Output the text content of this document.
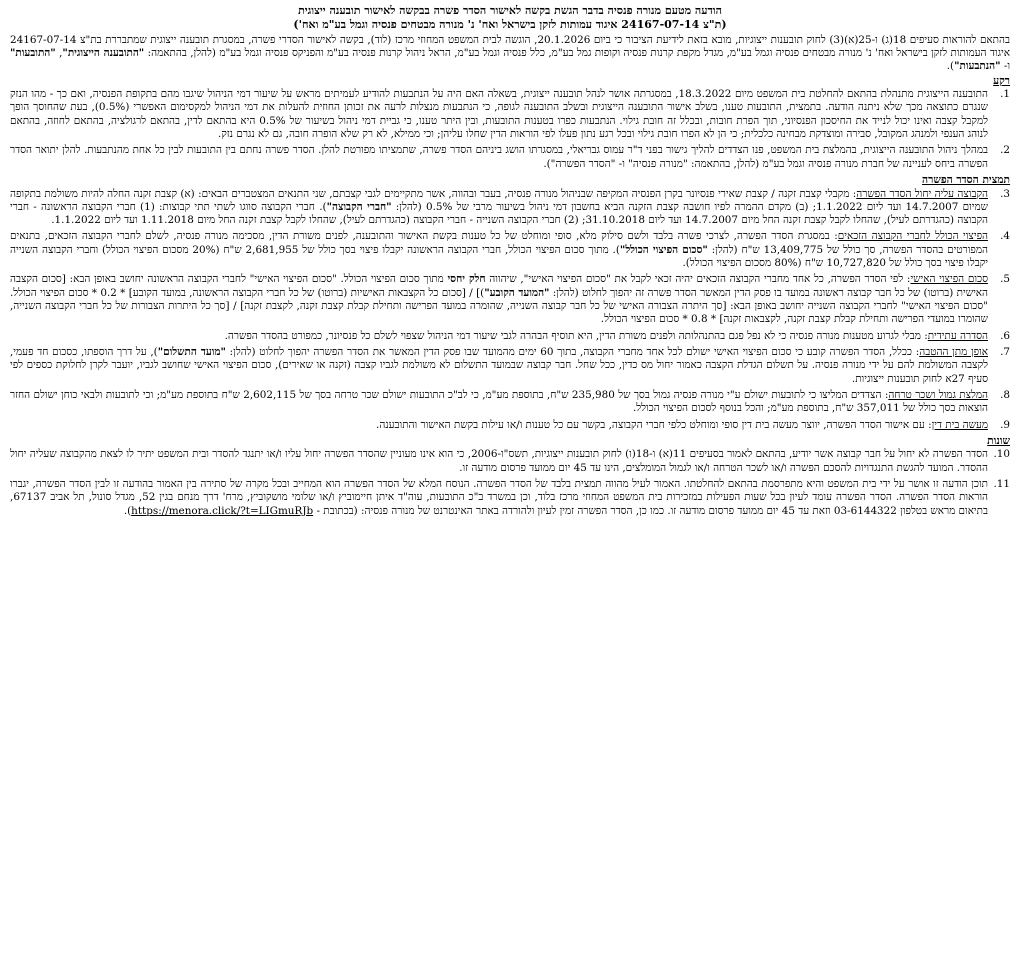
הודעה מטעם מנורה פנסיה בדבר הגשת בקשה לאישור הסדר פשרה בבקשה לאישור תובענה ייצוגית
(ת"צ 24167-07-14 איגוד עמותות לזקן בישראל ואח' נ' מנורה מבטחים פנסיה וגמל בע"מ ואח')

בהתאם להוראות סעיפים 18(ג) ו-25(א)(3) לחוק תובענות ייצוגיות, מובא בזאת לידיעת הציבור כי ביום 20.1.2026, הוגשה לבית המשפט המחוזי מרכז (לוד), בקשה לאישור הסדרי פשרה, במסגרת תובענה ייצוגית שמתבררת בת"צ 24167-07-14 איגוד העמותות לזקן בישראל ואח' נ' מנורה מבטחים פנסיה וגמל בע"מ, מגדל מקפת קרנות פנסיה וקופות גמל בע"מ, כלל פנסיה וגמל בע"מ, הראל ניהול קרנות פנסיה בע"מ והפניקס פנסיה וגמל בע"מ (להלן, בהתאמה: "התובענה הייצוגית", "התובעות" ו- "הנתבעות").

רקע
1.
התובענה הייצוגית מתנהלת בהתאם להחלטת בית המשפט מיום 18.3.2022, במסגרתה אושר לנהל תובענה ייצוגית, בשאלה האם היה על הנתבעות להודיע לעמיתים מראש על שיעור דמי הניהול שיגבו מהם בתקופת הפנסיה, ואם כך - מהו הנזק שנגרם כתוצאה מכך שלא ניתנה הודעה. בתמצית, התובעות טענו, בשלב אישור התובענה הייצוגית ובשלב התובענה לגופה, כי הנתבעות מנצלות לרעה את זכותן החוזית להעלות את דמי הניהול למקסימום האפשרי (0.5%), בעת שהחוסך הופך למקבל קצבה ואינו יכול לנייד את החיסכון הפנסיוני, תוך הפרת חובות, ובכלל זה חובת גילוי. הנתבעות כפרו בטענות התובעות, ובין היתר טענו, כי גביית דמי ניהול בשיעור של 0.5% היא בהתאם לדין, בהתאם לרגולציה, בהתאם לחוזה, בהתאם לנוהג הענפי ולמנהג המקובל, סבירה ומוצדקת מבחינה כלכלית; כי הן לא הפרו חובת גילוי ובכל רגע נתון פעלו לפי הוראות הדין שחלו עליהן; וכי ממילא, לא רק שלא הופרה חובה, גם לא נגרם נזק.
2.
במהלך ניהול התובענה הייצוגית, בהמלצת בית המשפט, פנו הצדדים להליך גישור בפני ד"ר עמוס גבריאלי, במסגרתו הושג ביניהם הסדר פשרה, שתמציתו מפורטת להלן. הסדר פשרה נחתם בין התובעות לבין כל אחת מהנתבעות. להלן יתואר הסדר הפשרה ביחס לעניינה של חברת מנורה פנסיה וגמל בע"מ (להלן, בהתאמה: "מנורה פנסיה" ו- "הסדר הפשרה").
תמצית הסדר הפשרה
3.
הקבוצה עליה יחול הסדר הפשרה: מקבלי קצבת זקנה / קצבת שאירי פנסיונר בקרן הפנסיה המקיפה שבניהול מנורה פנסיה, בעבר ובהווה, אשר מתקיימים לגבי קצבתם, שני התנאים המצטברים הבאים: (א) קצבת זקנה החלה להיות משולמת בתקופה שמיום 14.7.2007 ועד ליום 1.1.2022; (ב) מקדם ההמרה לפיו חושבה קצבת הזקנה הביא בחשבון דמי ניהול בשיעור מרבי של 0.5% (להלן: "חברי הקבוצה"). חברי הקבוצה סווגו לשתי תתי קבוצות: (1) חברי הקבוצה הראשונה - חברי הקבוצה (כהגדרתם לעיל), שהחלו לקבל קצבת זקנה החל מיום 14.7.2007 ועד ליום 31.10.2018; (2) חברי הקבוצה השנייה - חברי הקבוצה (כהגדרתם לעיל), שהחלו לקבל קצבת זקנה החל מיום 1.11.2018 ועד ליום 1.1.2022.
4.
הפיצוי הכולל לחברי הקבוצה הזכאים: במסגרת הסדר הפשרה, לצרכי פשרה בלבד ולשם סילוק מלא, סופי ומוחלט של כל טענות בקשת האישור והתובענה, לפנים משורת הדין, מסכימה מנורה פנסיה, לשלם לחברי הקבוצה הזכאים, בתנאים המפורטים בהסדר הפשרה, סך כולל של 13,409,775 ש"ח (להלן: "סכום הפיצוי הכולל"). מתוך סכום הפיצוי הכולל, חברי הקבוצה הראשונה יקבלו פיצוי בסך כולל של 2,681,955 ש"ח (20% מסכום הפיצוי הכולל) וחברי הקבוצה השנייה יקבלו פיצוי בסך כולל של 10,727,820 ש"ח (80% מסכום הפיצוי הכולל).
5.
סכום הפיצוי האישי: לפי הסדר הפשרה, כל אחד מחברי הקבוצה הזכאים יהיה זכאי לקבל את "סכום הפיצוי האישי", שיהווה חלק יחסי מתוך סכום הפיצוי הכולל. "סכום הפיצוי האישי" לחברי הקבוצה הראשונה יחושב באופן הבא: [סכום הקצבה האישית (ברוטו) של כל חבר קבוצה ראשונה במועד בו פסק הדין המאשר הסדר פשרה זה יהפוך לחלוט (להלן: "המועד הקובע")] / [סכום כל הקצבאות האישיות (ברוטו) של כל חברי הקבוצה הראשונה, במועד הקובע] * 0.2 * סכום הפיצוי הכולל. "סכום הפיצוי האישי" לחברי הקבוצה השנייה יחושב באופן הבא: [סך היתרה הצבורה האישי של כל חבר קבוצה השנייה, שהומרה במועד הפרישה ותחילת קבלת קצבת זקנה, לקצבת זקנה] / [סך כל היתרות הצבורות של כל חברי הקבוצה השנייה, שהומרו במועדי הפרישה ותחילת קבלת קצבת זקנה, לקצבאות זקנה] * 0.8 * סכום הפיצוי הכולל.
6.
הסדרה עתידית: מבלי לגרוע מטענות מנורה פנסיה כי לא נפל פגם בהתנהלותה ולפנים משורת הדין, היא תוסיף הבהרה לגבי שיעור דמי הניהול שצפוי לשלם כל פנסיונר, כמפורט בהסדר הפשרה.
7.
אופן מתן ההטבה: ככלל, הסדר הפשרה קובע כי סכום הפיצוי האישי ישולם לכל אחד מחברי הקבוצה, בתוך 60 ימים מהמועד שבו פסק הדין המאשר את הסדר הפשרה יהפוך לחלוט (להלן: "מועד התשלום"), על דרך הוספתו, כסכום חד פעמי, לקצבה המשולמת להם על ידי מנורה פנסיה. על תשלום הגדלת הקצבה כאמור יחול מס כדין, ככל שחל. חבר קבוצה שבמועד התשלום לא משולמת לגביו קצבה (זקנה או שאירים), סכום הפיצוי האישי שחושב לגביו, יועבר לקרן לחלוקת כספים לפי סעיף 27א לחוק תובענות ייצוגיות.
8.
המלצת גמול ושכר טרחה: הצדדים המליצו כי לתובעות ישולם ע"י מנורה פנסיה גמול בסך של 235,980 ש"ח, בתוספת מע"מ, כי לב"כ התובעות ישולם שכר טרחה בסך של 2,602,115 ש"ח בתוספת מע"מ; וכי לתובעות ולבאי כוחן ישולם החזר הוצאות בסך כולל של 357,011 ש"ח, בתוספת מע"מ; והכל בנוסף לסכום הפיצוי הכולל.
9.
מעשה בית דין: עם אישור הסדר הפשרה, יווצר מעשה בית דין סופי ומוחלט כלפי חברי הקבוצה, בקשר עם כל טענות ו/או עילות בקשת האישור והתובענה.
שונות
10.
הסדר הפשרה לא יחול על חבר קבוצה אשר יודיע, בהתאם לאמור בסעיפים 11(א) ו-18(ו) לחוק תובענות ייצוגיות, תשס"ו-2006, כי הוא אינו מעוניין שהסדר הפשרה יחול עליו ו/או יתנגד להסדר ובית המשפט יתיר לו לצאת מהקבוצה שעליה יחול ההסדר. המועד להגשת התנגדויות להסכם הפשרה ו/או לשכר הטרחה ו/או לגמול המומלצים, הינו עד 45 יום ממועד פרסום מודעה זו.
11.
תוכן הודעה זו אושר על ידי בית המשפט והיא מתפרסמת בהתאם להחלטתו. האמור לעיל מהווה תמצית בלבד של הסדר הפשרה. הנוסח המלא של הסדר הפשרה הוא המחייב ובכל מקרה של סתירה בין האמור בהודעה זו לבין הסדר הפשרה, יגברו הוראות הסדר הפשרה. הסדר הפשרה עומד לעיון בכל שעות הפעילות במזכירות בית המשפט המחוזי מרכז בלוד, וכן במשרד ב"כ התובעות, עוה"ד איתן חיימוביץ ו/או שלומי מושקוביץ, מרח' דרך מנחם בגין 52, מגדל סונול, תל אביב 67137, בתיאום מראש בטלפון 03-6144322 וזאת עד 45 יום ממועד פרסום מודעה זו. כמו כן, הסדר הפשרה זמין לעיון ולהורדה באתר האינטרנט של מנורה פנסיה: (בכתובת - https://menora.click/?t=LIGmuRJb).
